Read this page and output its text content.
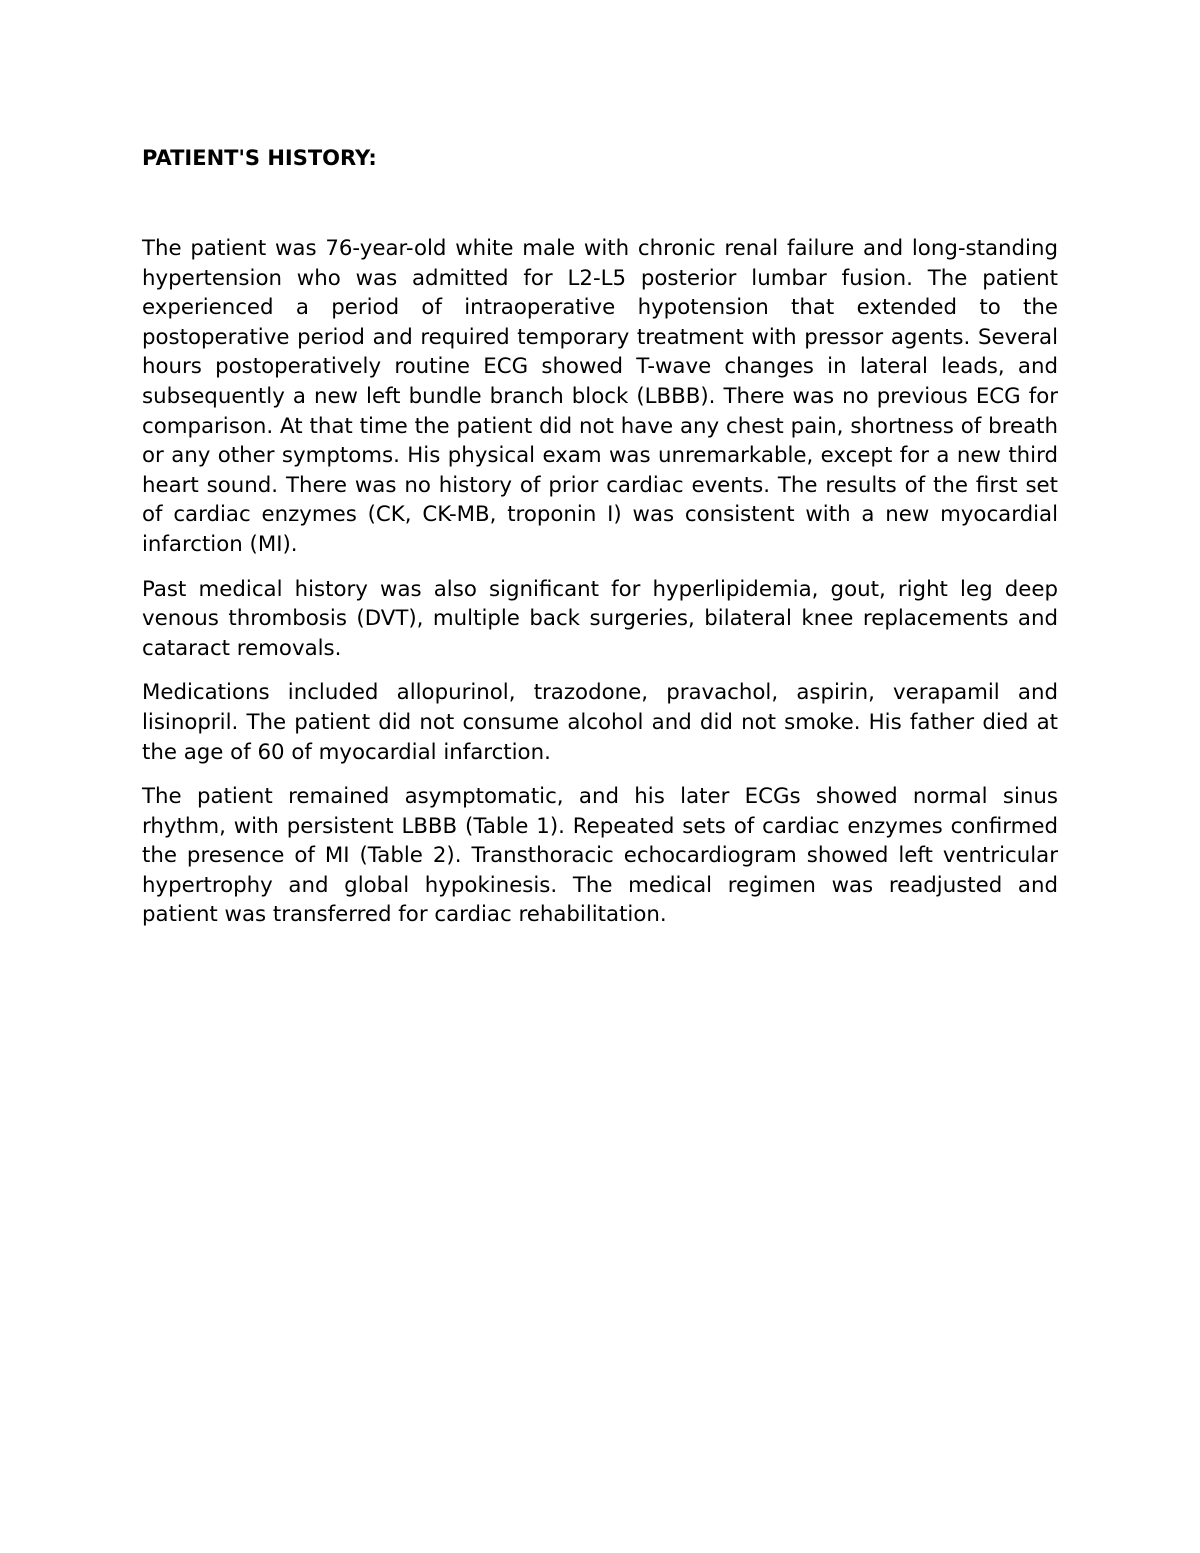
PATIENT'S HISTORY:

The patient was 76-year-old white male with chronic renal failure and long-standing hypertension who was admitted for L2-L5 posterior lumbar fusion. The patient experienced a period of intraoperative hypotension that extended to the postoperative period and required temporary treatment with pressor agents. Several hours postoperatively routine ECG showed T-wave changes in lateral leads, and subsequently a new left bundle branch block (LBBB). There was no previous ECG for comparison. At that time the patient did not have any chest pain, shortness of breath or any other symptoms. His physical exam was unremarkable, except for a new third heart sound. There was no history of prior cardiac events. The results of the first set of cardiac enzymes (CK, CK-MB, troponin I) was consistent with a new myocardial infarction (MI).

Past medical history was also significant for hyperlipidemia, gout, right leg deep venous thrombosis (DVT), multiple back surgeries, bilateral knee replacements and cataract removals.

Medications included allopurinol, trazodone, pravachol, aspirin, verapamil and lisinopril. The patient did not consume alcohol and did not smoke. His father died at the age of 60 of myocardial infarction.

The patient remained asymptomatic, and his later ECGs showed normal sinus rhythm, with persistent LBBB (Table 1). Repeated sets of cardiac enzymes confirmed the presence of MI (Table 2). Transthoracic echocardiogram showed left ventricular hypertrophy and global hypokinesis. The medical regimen was readjusted and patient was transferred for cardiac rehabilitation.
